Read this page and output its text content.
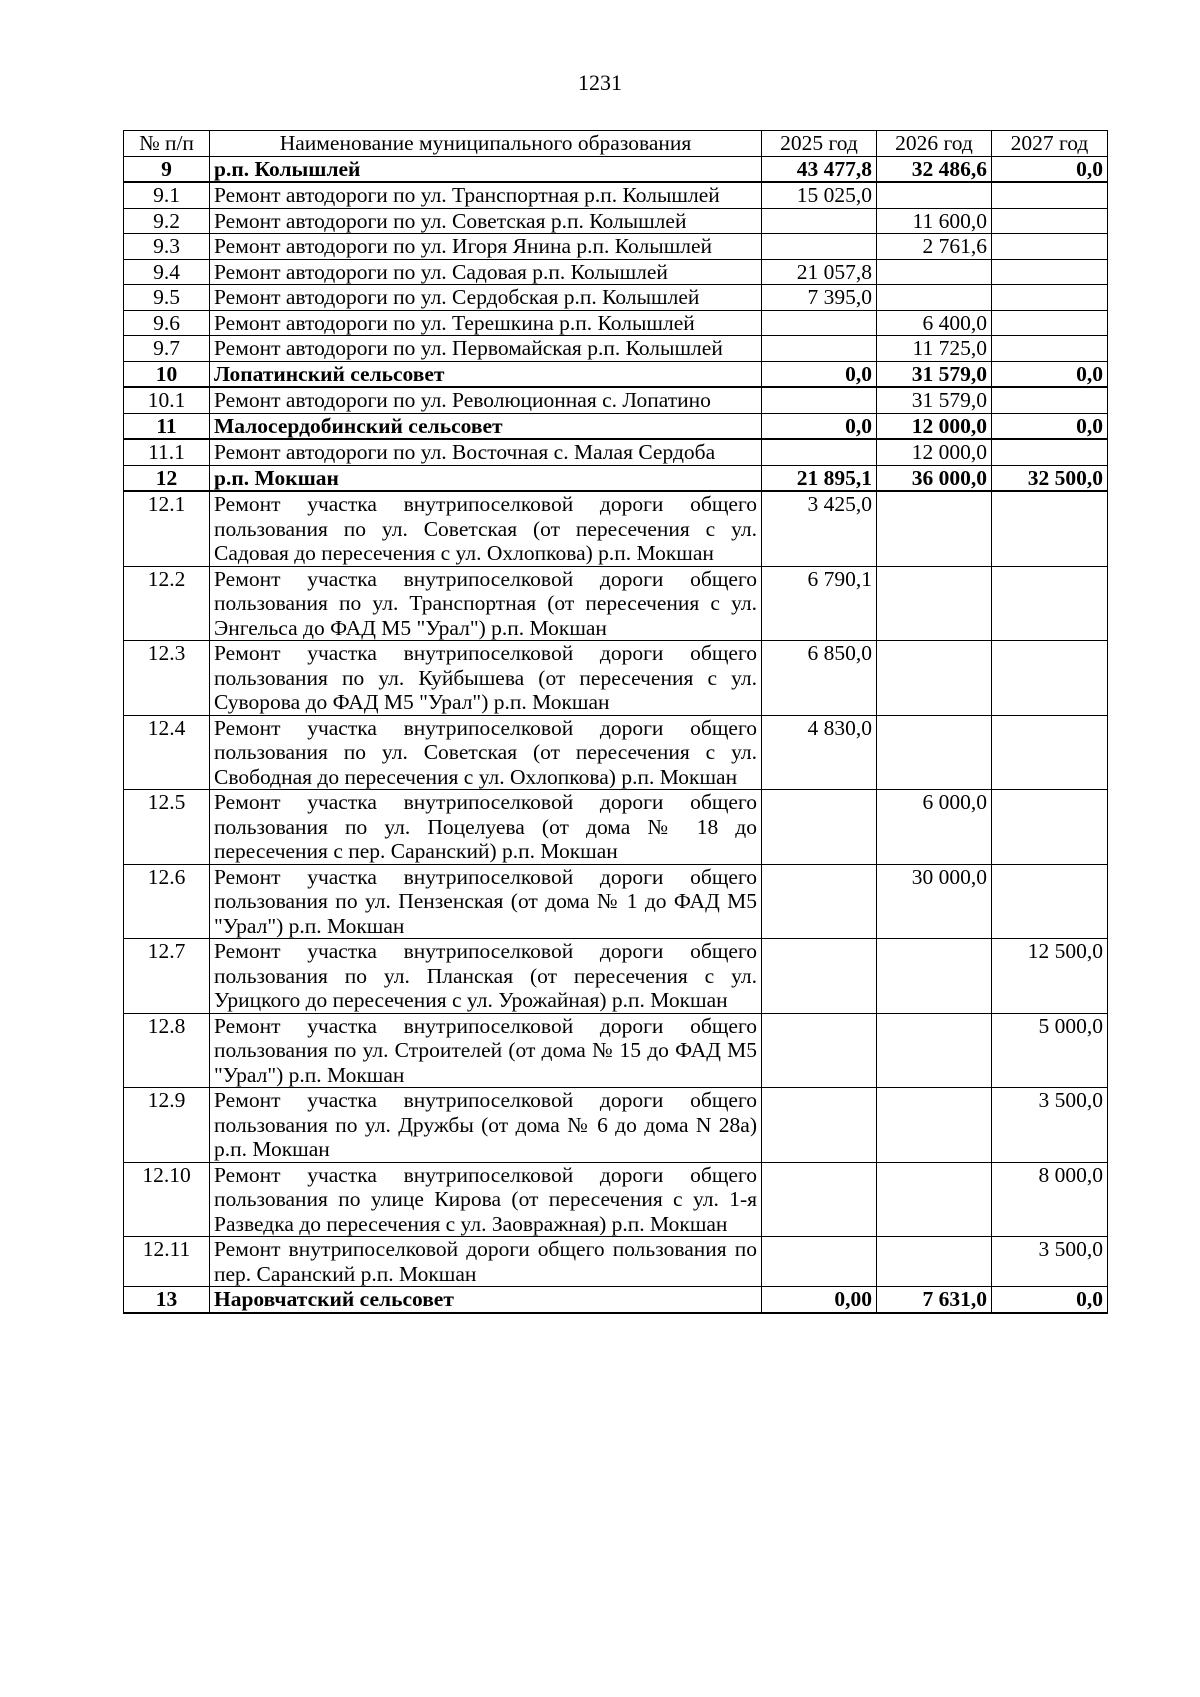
1231
№ п/п	Наименование муниципального образования	2025 год	2026 год	2027 год
9	р.п. Колышлей	43 477,8	32 486,6	0,0
9.1	Ремонт автодороги по ул. Транспортная р.п. Колышлей	15 025,0		
9.2	Ремонт автодороги по ул. Советская р.п. Колышлей		11 600,0	
9.3	Ремонт автодороги по ул. Игоря Янина р.п. Колышлей		2 761,6	
9.4	Ремонт автодороги по ул. Садовая р.п. Колышлей	21 057,8		
9.5	Ремонт автодороги по ул. Сердобская р.п. Колышлей	7 395,0		
9.6	Ремонт автодороги по ул. Терешкина р.п. Колышлей		6 400,0	
9.7	Ремонт автодороги по ул. Первомайская р.п. Колышлей		11 725,0	
10	Лопатинский сельсовет	0,0	31 579,0	0,0
10.1	Ремонт автодороги по ул. Революционная с. Лопатино		31 579,0	
11	Малосердобинский сельсовет	0,0	12 000,0	0,0
11.1	Ремонт автодороги по ул. Восточная с. Малая Сердоба		12 000,0	
12	р.п. Мокшан	21 895,1	36 000,0	32 500,0
12.1	Ремонт участка внутрипоселковой дороги общего пользования по ул. Советская (от пересечения с ул. Садовая до пересечения с ул. Охлопкова) р.п. Мокшан	3 425,0		
12.2	Ремонт участка внутрипоселковой дороги общего пользования по ул. Транспортная (от пересечения с ул. Энгельса до ФАД М5 "Урал") р.п. Мокшан	6 790,1		
12.3	Ремонт участка внутрипоселковой дороги общего пользования по ул. Куйбышева (от пересечения с ул. Суворова до ФАД М5 "Урал") р.п. Мокшан	6 850,0		
12.4	Ремонт участка внутрипоселковой дороги общего пользования по ул. Советская (от пересечения с ул. Свободная до пересечения с ул. Охлопкова) р.п. Мокшан	4 830,0		
12.5	Ремонт участка внутрипоселковой дороги общего пользования по ул. Поцелуева (от дома № 18 до пересечения с пер. Саранский) р.п. Мокшан		6 000,0	
12.6	Ремонт участка внутрипоселковой дороги общего пользования по ул. Пензенская (от дома № 1 до ФАД М5 "Урал") р.п. Мокшан		30 000,0	
12.7	Ремонт участка внутрипоселковой дороги общего пользования по ул. Планская (от пересечения с ул. Урицкого до пересечения с ул. Урожайная) р.п. Мокшан			12 500,0
12.8	Ремонт участка внутрипоселковой дороги общего пользования по ул. Строителей (от дома № 15 до ФАД М5 "Урал") р.п. Мокшан			5 000,0
12.9	Ремонт участка внутрипоселковой дороги общего пользования по ул. Дружбы (от дома № 6 до дома N 28а) р.п. Мокшан			3 500,0
12.10	Ремонт участка внутрипоселковой дороги общего пользования по улице Кирова (от пересечения с ул. 1-я Разведка до пересечения с ул. Заовражная) р.п. Мокшан			8 000,0
12.11	Ремонт внутрипоселковой дороги общего пользования по пер. Саранский р.п. Мокшан			3 500,0
13	Наровчатский сельсовет	0,00	7 631,0	0,0
